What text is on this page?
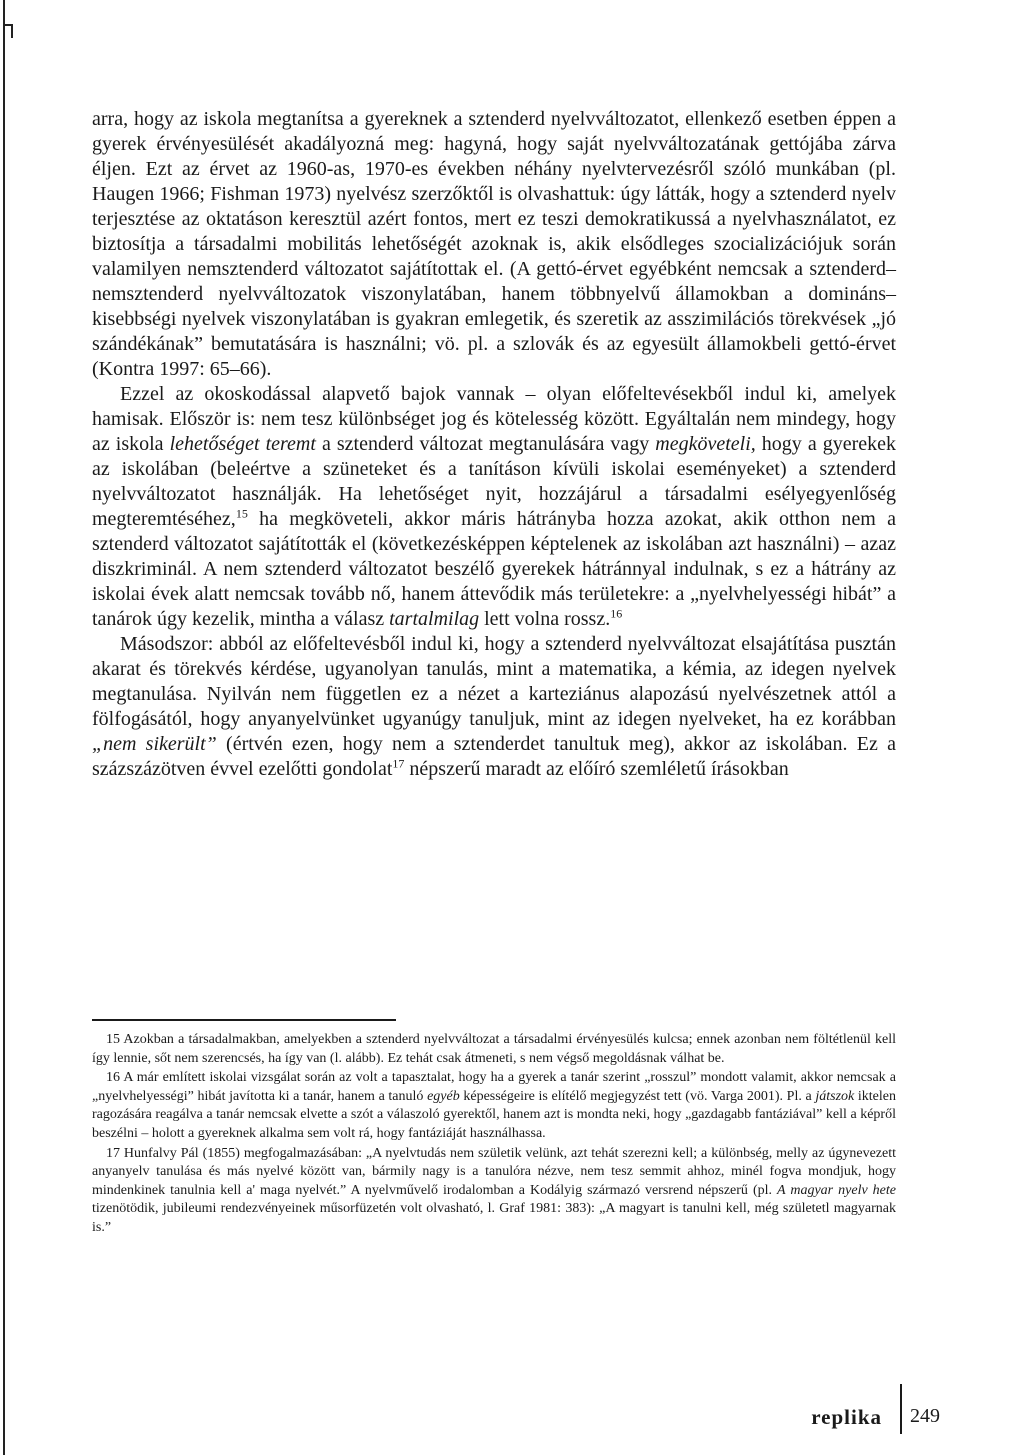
arra, hogy az iskola megtanítsa a gyereknek a sztenderd nyelvváltozatot, ellenkező esetben éppen a gyerek érvényesülését akadályozná meg: hagyná, hogy saját nyelvváltozatának gettójába zárva éljen. Ezt az érvet az 1960-as, 1970-es években néhány nyelvtervezésről szóló munkában (pl. Haugen 1966; Fishman 1973) nyelvész szerzőktől is olvashattuk: úgy látták, hogy a sztenderd nyelv terjesztése az oktatáson keresztül azért fontos, mert ez teszi demokratikussá a nyelvhasználatot, ez biztosítja a társadalmi mobilitás lehetőségét azoknak is, akik elsődleges szocializációjuk során valamilyen nemsztenderd változatot sajátítottak el. (A gettó-érvet egyébként nemcsak a sztenderd–nemsztenderd nyelvváltozatok viszonylatában, hanem többnyelvű államokban a domináns–kisebbségi nyelvek viszonylatában is gyakran emlegetik, és szeretik az asszimilációs törekvések „jó szándékának” bemutatására is használni; vö. pl. a szlovák és az egyesült államokbeli gettó-érvet (Kontra 1997: 65–66).

Ezzel az okoskodással alapvető bajok vannak – olyan előfeltevésekből indul ki, amelyek hamisak. Először is: nem tesz különbséget jog és kötelesség között. Egyáltalán nem mindegy, hogy az iskola lehetőséget teremt a sztenderd változat megtanulására vagy megköveteli, hogy a gyerekek az iskolában (beleértve a szüneteket és a tanításon kívüli iskolai eseményeket) a sztenderd nyelvváltozatot használják. Ha lehetőséget nyit, hozzájárul a társadalmi esélyegyenlőség megteremtéséhez,$^{15}$ ha megköveteli, akkor máris hátrányba hozza azokat, akik otthon nem a sztenderd változatot sajátították el (következésképpen képtelenek az iskolában azt használni) – azaz diszkriminál. A nem sztenderd változatot beszélő gyerekek hátránnyal indulnak, s ez a hátrány az iskolai évek alatt nemcsak tovább nő, hanem áttevődik más területekre: a „nyelvhelyességi hibát” a tanárok úgy kezelik, mintha a válasz tartalmilag lett volna rossz.$^{16}$

Másodszor: abból az előfeltevésből indul ki, hogy a sztenderd nyelvváltozat elsajátítása pusztán akarat és törekvés kérdése, ugyanolyan tanulás, mint a matematika, a kémia, az idegen nyelvek megtanulása. Nyilván nem független ez a nézet a karteziánus alapozású nyelvészetnek attól a fölfogásától, hogy anyanyelvünket ugyanúgy tanuljuk, mint az idegen nyelveket, ha ez korábban „nem sikerült” (értvén ezen, hogy nem a sztenderdet tanultuk meg), akkor az iskolában. Ez a százszázötven évvel ezelőtti gondolat$^{17}$ népszerű maradt az előíró szemléletű írásokban

15 Azokban a társadalmakban, amelyekben a sztenderd nyelvváltozat a társadalmi érvényesülés kulcsa; ennek azonban nem föltétlenül kell így lennie, sőt nem szerencsés, ha így van (l. alább). Ez tehát csak átmeneti, s nem végső megoldásnak válhat be.

16 A már említett iskolai vizsgálat során az volt a tapasztalat, hogy ha a gyerek a tanár szerint „rosszul” mondott valamit, akkor nemcsak a „nyelvhelyességi” hibát javította ki a tanár, hanem a tanuló egyéb képességeire is elítélő megjegyzést tett (vö. Varga 2001). Pl. a játszok iktelen ragozására reagálva a tanár nemcsak elvette a szót a válaszoló gyerektől, hanem azt is mondta neki, hogy „gazdagabb fantáziával” kell a képről beszélni – holott a gyereknek alkalma sem volt rá, hogy fantáziáját használhassa.

17 Hunfalvy Pál (1855) megfogalmazásában: „A nyelvtudás nem születik velünk, azt tehát szerezni kell; a különbség, melly az úgynevezett anyanyelv tanulása és más nyelvé között van, bármily nagy is a tanulóra nézve, nem tesz semmit ahhoz, minél fogva mondjuk, hogy mindenkinek tanulnia kell a' maga nyelvét.” A nyelvművelő irodalomban a Kodályig származó versrend népszerű (pl. A magyar nyelv hete tizenötödik, jubileumi rendezvényeinek műsorfüzetén volt olvasható, l. Graf 1981: 383): „A magyart is tanulni kell, még születetl magyarnak is.”

replika 249
